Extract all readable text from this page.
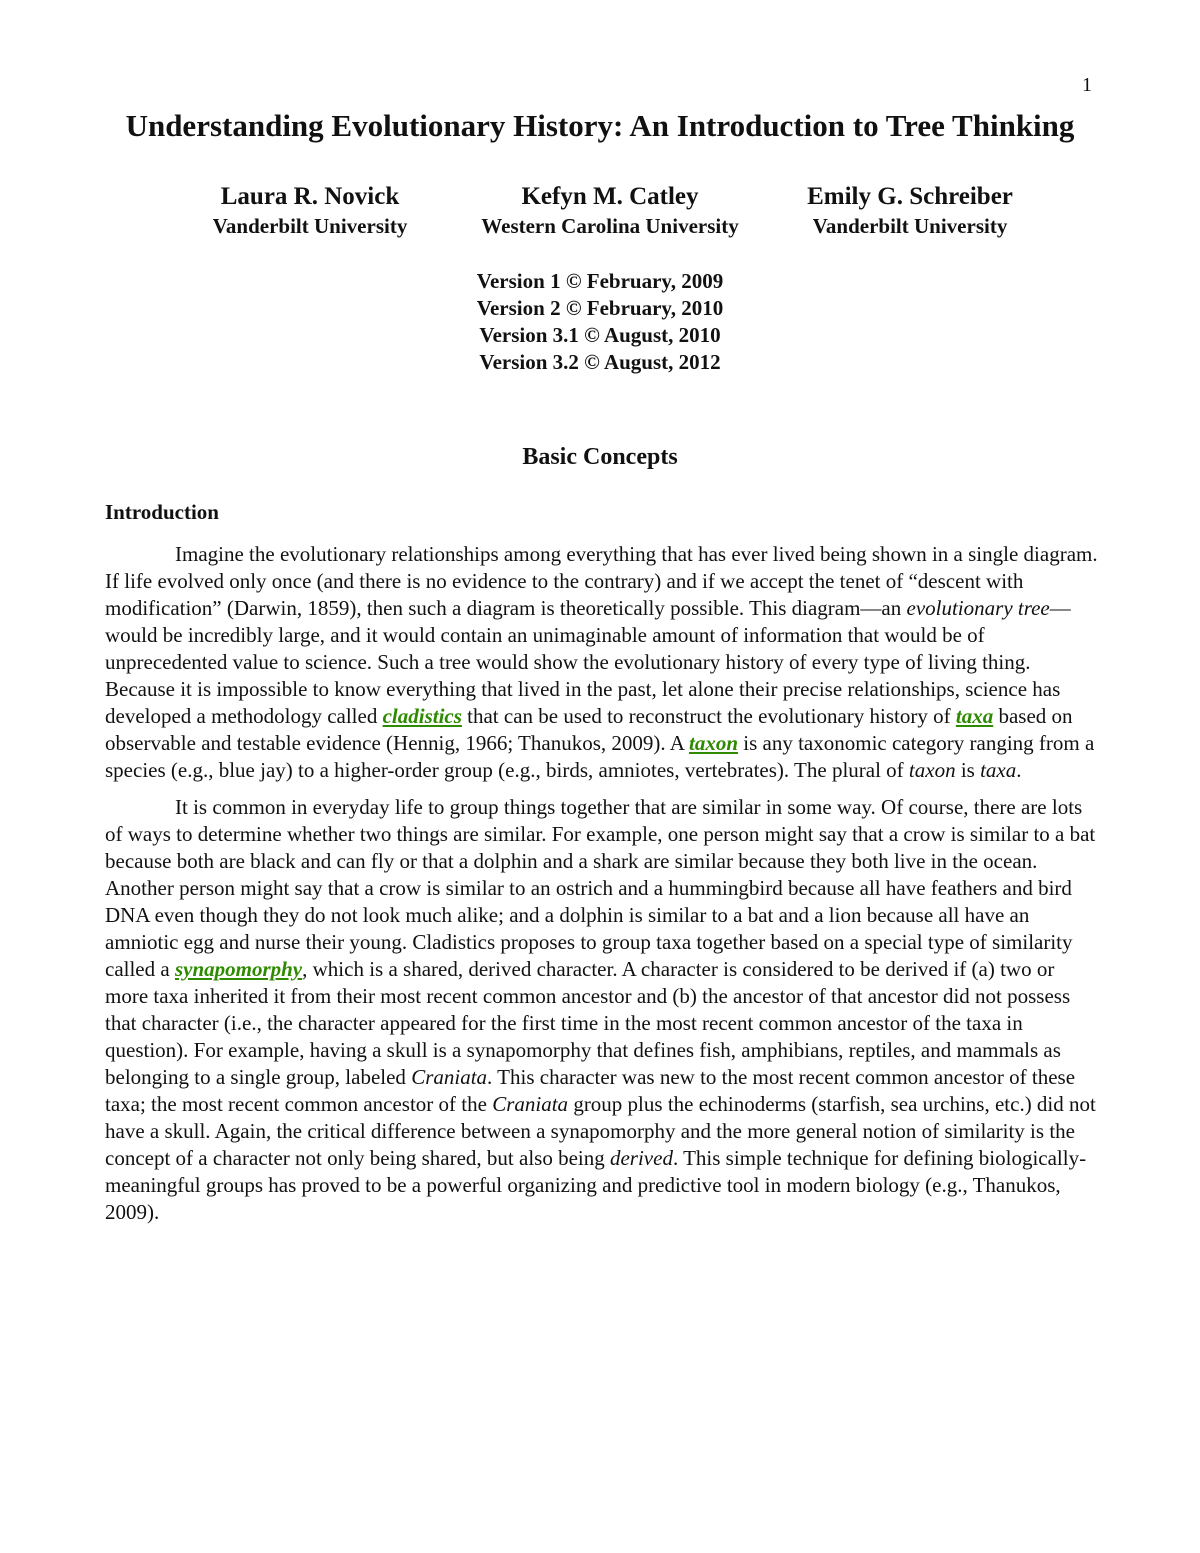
1
Understanding Evolutionary History: An Introduction to Tree Thinking
Laura R. Novick
Vanderbilt University
Kefyn M. Catley
Western Carolina University
Emily G. Schreiber
Vanderbilt University
Version 1 © February, 2009
Version 2 © February, 2010
Version 3.1 © August, 2010
Version 3.2 © August, 2012
Basic Concepts
Introduction

Imagine the evolutionary relationships among everything that has ever lived being shown in a single diagram. If life evolved only once (and there is no evidence to the contrary) and if we accept the tenet of “descent with modification” (Darwin, 1859), then such a diagram is theoretically possible. This diagram—an evolutionary tree—would be incredibly large, and it would contain an unimaginable amount of information that would be of unprecedented value to science. Such a tree would show the evolutionary history of every type of living thing. Because it is impossible to know everything that lived in the past, let alone their precise relationships, science has developed a methodology called cladistics that can be used to reconstruct the evolutionary history of taxa based on observable and testable evidence (Hennig, 1966; Thanukos, 2009). A taxon is any taxonomic category ranging from a species (e.g., blue jay) to a higher-order group (e.g., birds, amniotes, vertebrates). The plural of taxon is taxa.

It is common in everyday life to group things together that are similar in some way. Of course, there are lots of ways to determine whether two things are similar. For example, one person might say that a crow is similar to a bat because both are black and can fly or that a dolphin and a shark are similar because they both live in the ocean. Another person might say that a crow is similar to an ostrich and a hummingbird because all have feathers and bird DNA even though they do not look much alike; and a dolphin is similar to a bat and a lion because all have an amniotic egg and nurse their young. Cladistics proposes to group taxa together based on a special type of similarity called a synapomorphy, which is a shared, derived character. A character is considered to be derived if (a) two or more taxa inherited it from their most recent common ancestor and (b) the ancestor of that ancestor did not possess that character (i.e., the character appeared for the first time in the most recent common ancestor of the taxa in question). For example, having a skull is a synapomorphy that defines fish, amphibians, reptiles, and mammals as belonging to a single group, labeled Craniata. This character was new to the most recent common ancestor of these taxa; the most recent common ancestor of the Craniata group plus the echinoderms (starfish, sea urchins, etc.) did not have a skull. Again, the critical difference between a synapomorphy and the more general notion of similarity is the concept of a character not only being shared, but also being derived. This simple technique for defining biologically-meaningful groups has proved to be a powerful organizing and predictive tool in modern biology (e.g., Thanukos, 2009).
